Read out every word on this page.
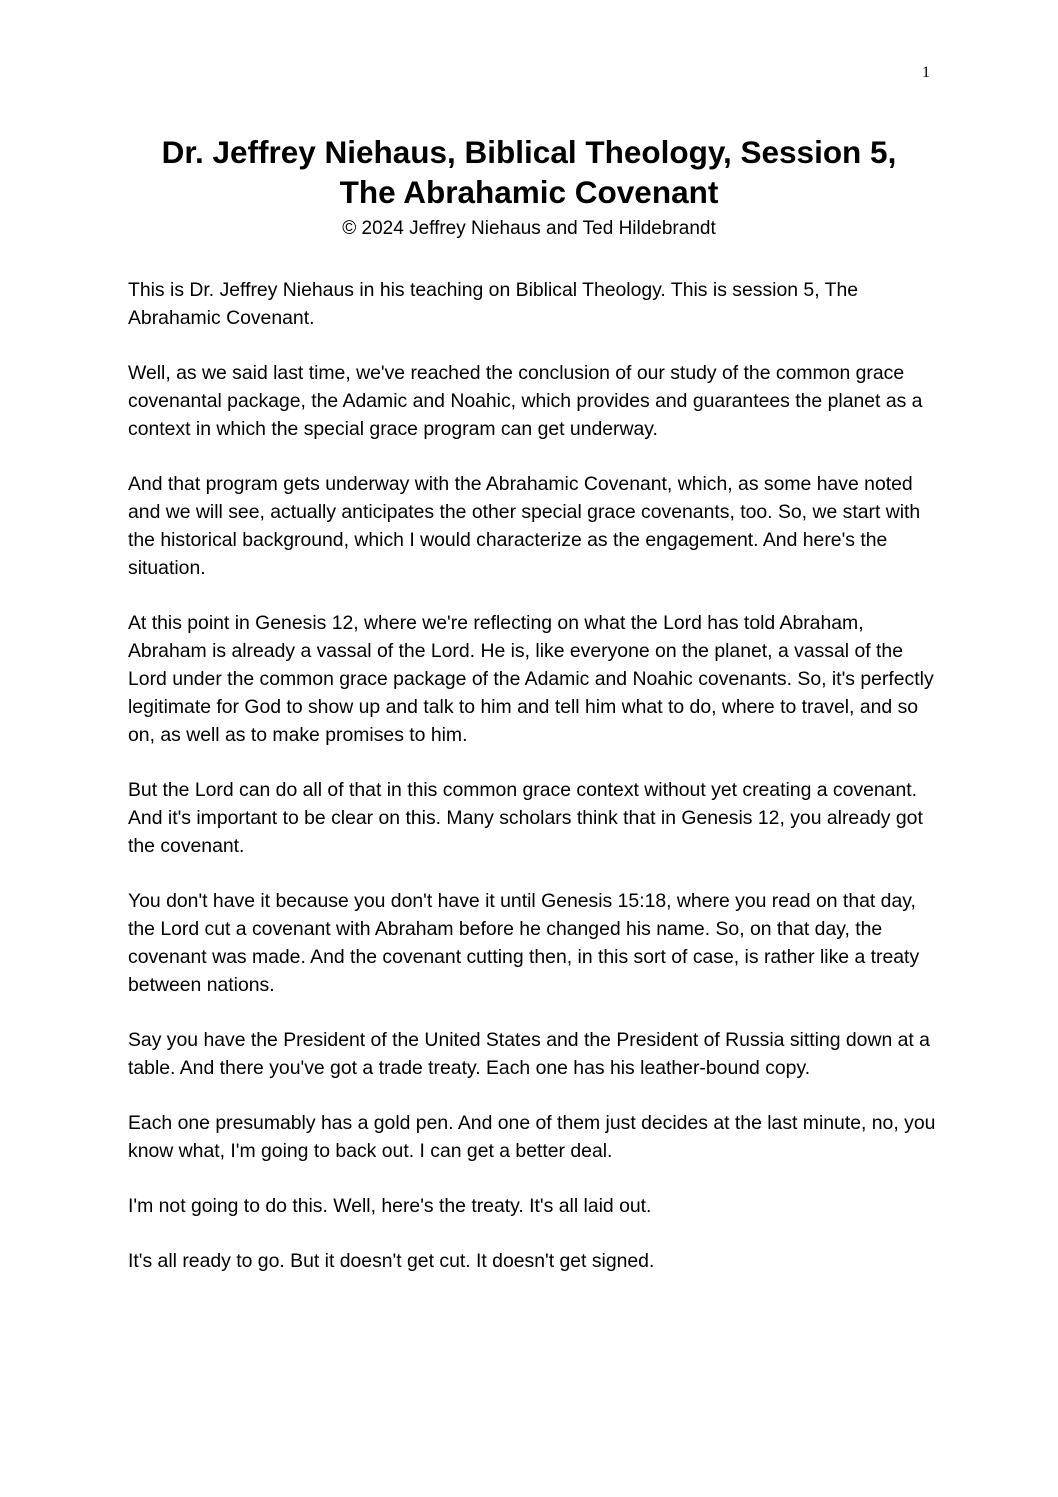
1
Dr. Jeffrey Niehaus, Biblical Theology, Session 5,
The Abrahamic Covenant
© 2024 Jeffrey Niehaus and Ted Hildebrandt

This is Dr. Jeffrey Niehaus in his teaching on Biblical Theology. This is session 5, The Abrahamic Covenant.

Well, as we said last time, we've reached the conclusion of our study of the common grace covenantal package, the Adamic and Noahic, which provides and guarantees the planet as a context in which the special grace program can get underway.

And that program gets underway with the Abrahamic Covenant, which, as some have noted and we will see, actually anticipates the other special grace covenants, too. So, we start with the historical background, which I would characterize as the engagement. And here's the situation.

At this point in Genesis 12, where we're reflecting on what the Lord has told Abraham, Abraham is already a vassal of the Lord. He is, like everyone on the planet, a vassal of the Lord under the common grace package of the Adamic and Noahic covenants. So, it's perfectly legitimate for God to show up and talk to him and tell him what to do, where to travel, and so on, as well as to make promises to him.

But the Lord can do all of that in this common grace context without yet creating a covenant. And it's important to be clear on this. Many scholars think that in Genesis 12, you already got the covenant.

You don't have it because you don't have it until Genesis 15:18, where you read on that day, the Lord cut a covenant with Abraham before he changed his name. So, on that day, the covenant was made. And the covenant cutting then, in this sort of case, is rather like a treaty between nations.

Say you have the President of the United States and the President of Russia sitting down at a table. And there you've got a trade treaty. Each one has his leather-bound copy.

Each one presumably has a gold pen. And one of them just decides at the last minute, no, you know what, I'm going to back out. I can get a better deal.

I'm not going to do this. Well, here's the treaty. It's all laid out.

It's all ready to go. But it doesn't get cut. It doesn't get signed.
